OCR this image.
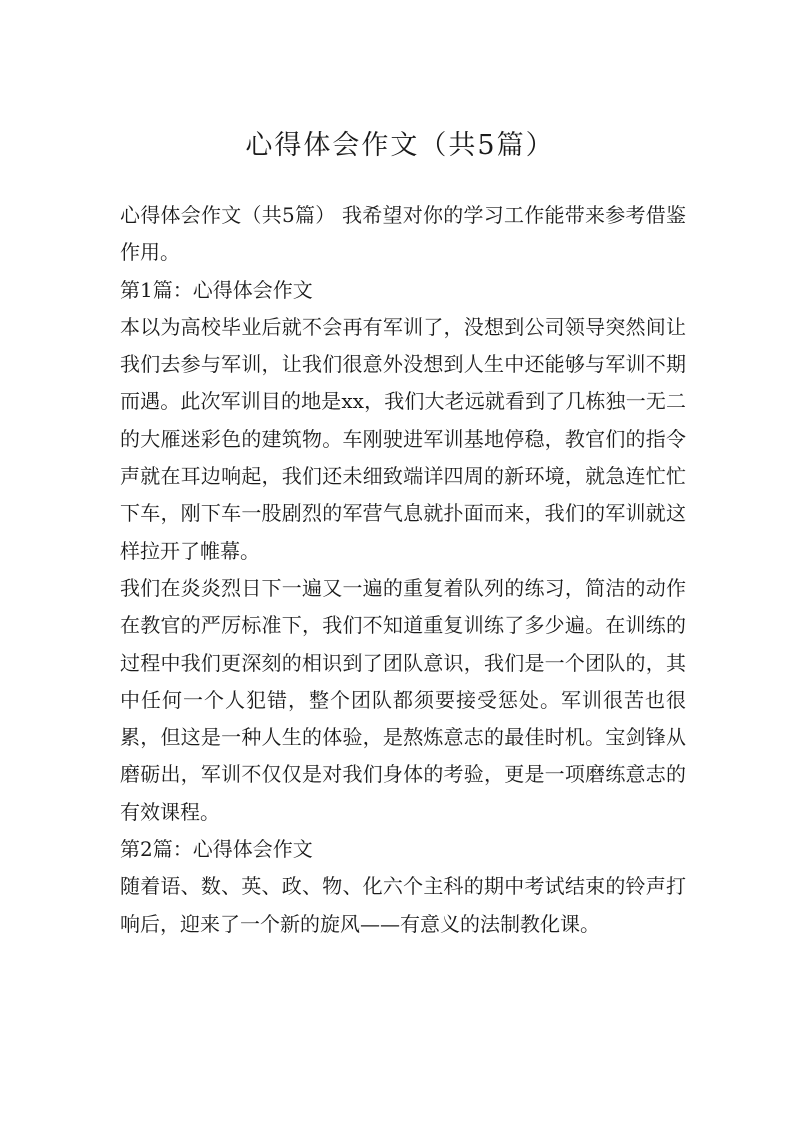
心得体会作文（共5篇）

心得体会作文（共5篇） 我希望对你的学习工作能带来参考借鉴作用。

第1篇：心得体会作文

本以为高校毕业后就不会再有军训了，没想到公司领导突然间让我们去参与军训，让我们很意外没想到人生中还能够与军训不期而遇。此次军训目的地是xx，我们大老远就看到了几栋独一无二的大雁迷彩色的建筑物。车刚驶进军训基地停稳，教官们的指令声就在耳边响起，我们还未细致端详四周的新环境，就急连忙忙下车，刚下车一股剧烈的军营气息就扑面而来，我们的军训就这样拉开了帷幕。

我们在炎炎烈日下一遍又一遍的重复着队列的练习，简洁的动作在教官的严厉标准下，我们不知道重复训练了多少遍。在训练的过程中我们更深刻的相识到了团队意识，我们是一个团队的，其中任何一个人犯错，整个团队都须要接受惩处。军训很苦也很累，但这是一种人生的体验，是熬炼意志的最佳时机。宝剑锋从磨砺出，军训不仅仅是对我们身体的考验，更是一项磨练意志的有效课程。

第2篇：心得体会作文

随着语、数、英、政、物、化六个主科的期中考试结束的铃声打响后，迎来了一个新的旋风——有意义的法制教化课。
